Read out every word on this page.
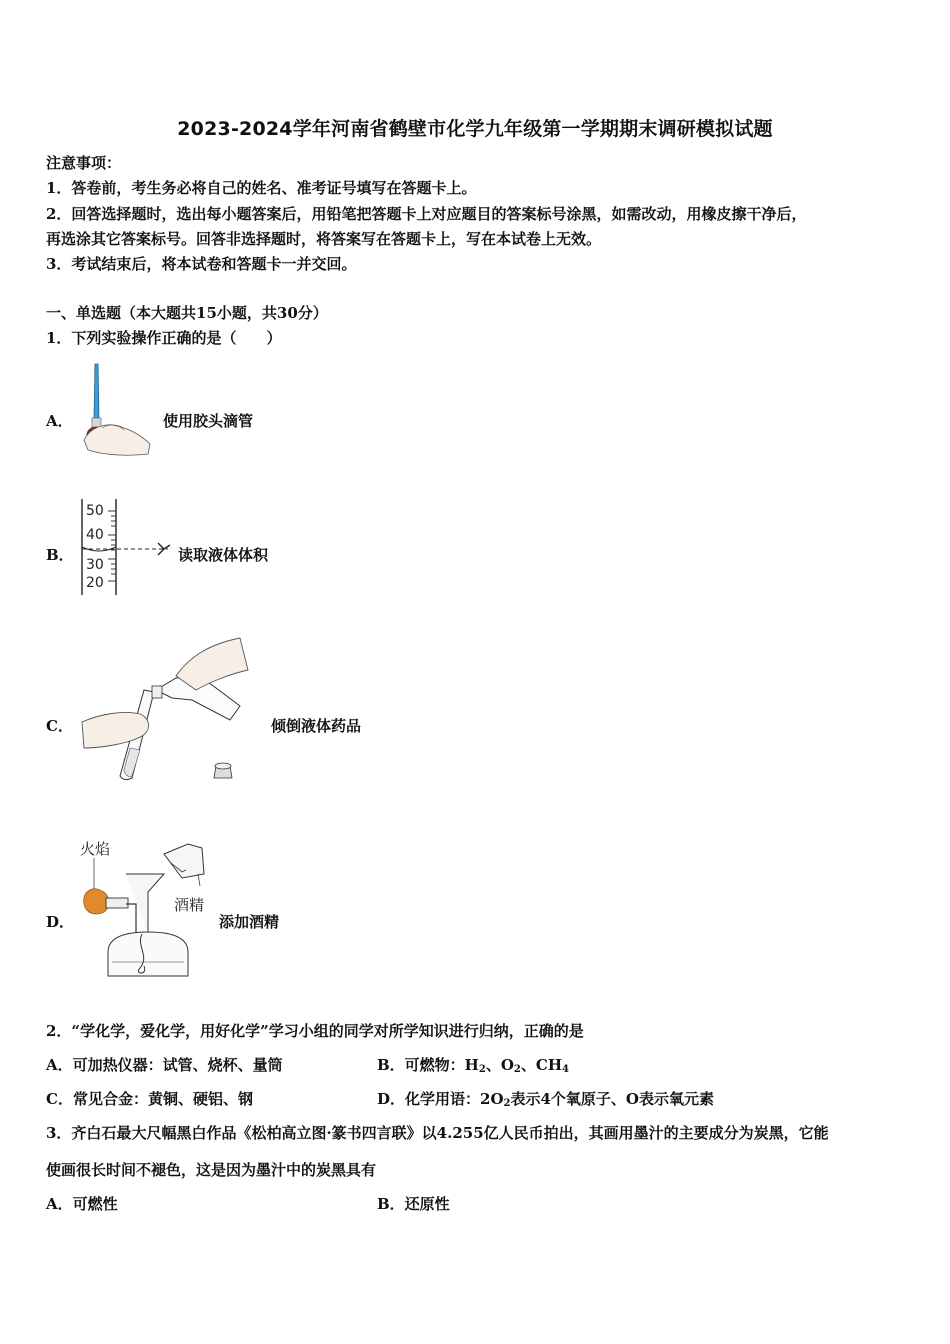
2023-2024学年河南省鹤壁市化学九年级第一学期期末调研模拟试题
注意事项：
1．答卷前，考生务必将自己的姓名、准考证号填写在答题卡上。
2．回答选择题时，选出每小题答案后，用铅笔把答题卡上对应题目的答案标号涂黑，如需改动，用橡皮擦干净后，
再选涂其它答案标号。回答非选择题时，将答案写在答题卡上，写在本试卷上无效。
3．考试结束后，将本试卷和答题卡一并交回。
一、单选题（本大题共15小题，共30分）
1．下列实验操作正确的是（　　）
A．	使用胶头滴管
B．
50
40
30
20
读取液体体积
C．	倾倒液体药品
D．
火焰
酒精
添加酒精
2．“学化学，爱化学，用好化学”学习小组的同学对所学知识进行归纳，正确的是
A．可加热仪器：试管、烧杯、量筒	B．可燃物：$H_2$、$O_2$、$CH_4$
C．常见合金：黄铜、硬铝、钢	D．化学用语：$2O_2$表示4个氧原子、O表示氧元素
3．齐白石最大尺幅黑白作品《松柏高立图·篆书四言联》以4.255亿人民币拍出，其画用墨汁的主要成分为炭黑，它能
使画很长时间不褪色，这是因为墨汁中的炭黑具有
A．可燃性	B．还原性
